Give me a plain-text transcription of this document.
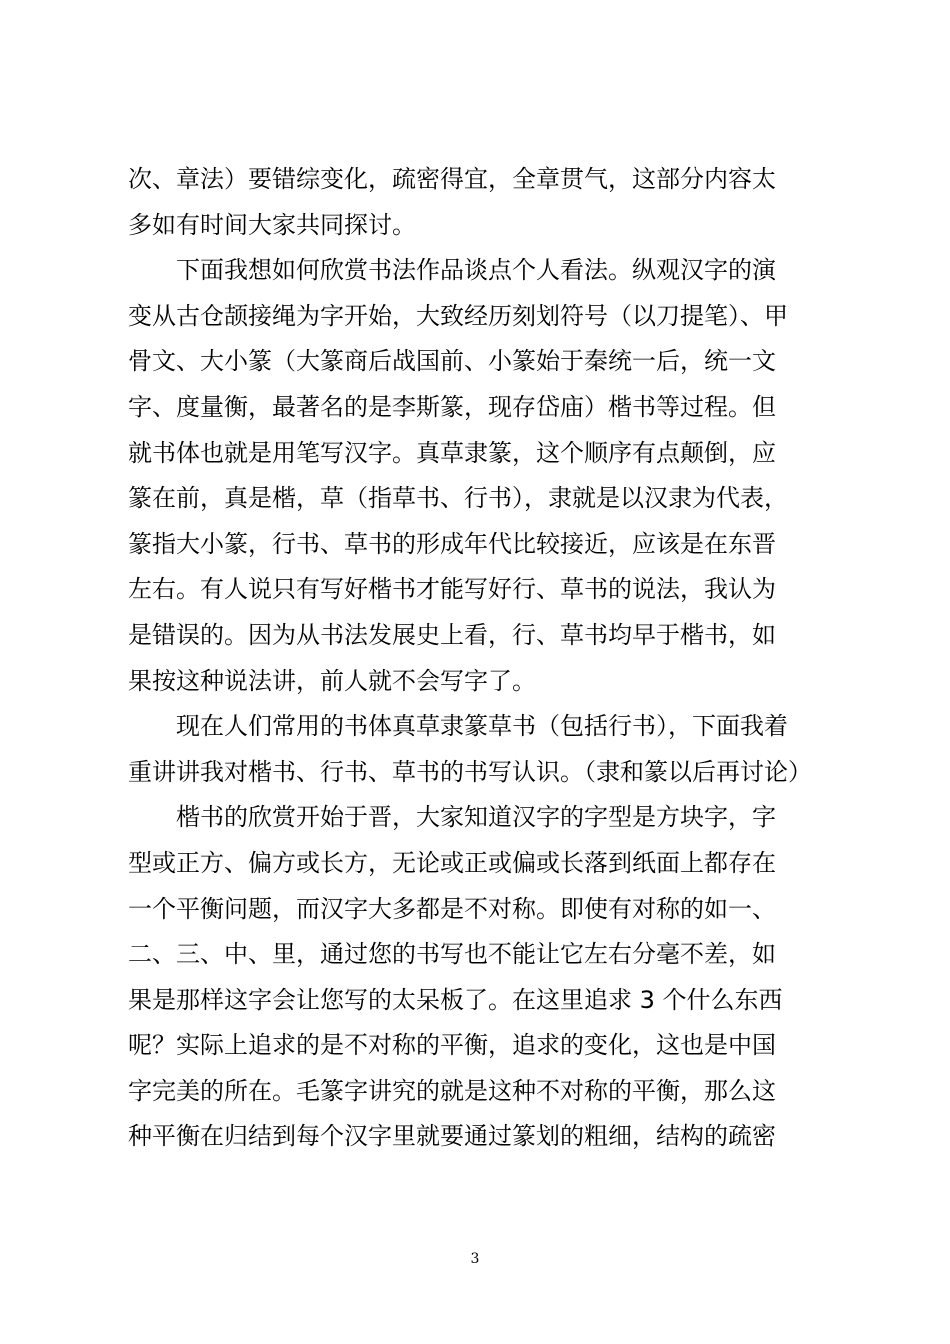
次、章法）要错综变化，疏密得宜，全章贯气，这部分内容太
多如有时间大家共同探讨。
　　下面我想如何欣赏书法作品谈点个人看法。纵观汉字的演
变从古仓颉接绳为字开始，大致经历刻划符号（以刀提笔）、甲
骨文、大小篆（大篆商后战国前、小篆始于秦统一后，统一文
字、度量衡，最著名的是李斯篆，现存岱庙）楷书等过程。但
就书体也就是用笔写汉字。真草隶篆，这个顺序有点颠倒，应
篆在前，真是楷，草（指草书、行书），隶就是以汉隶为代表，
篆指大小篆，行书、草书的形成年代比较接近，应该是在东晋
左右。有人说只有写好楷书才能写好行、草书的说法，我认为
是错误的。因为从书法发展史上看，行、草书均早于楷书，如
果按这种说法讲，前人就不会写字了。
　　现在人们常用的书体真草隶篆草书（包括行书），下面我着
重讲讲我对楷书、行书、草书的书写认识。（隶和篆以后再讨论）
　　楷书的欣赏开始于晋，大家知道汉字的字型是方块字，字
型或正方、偏方或长方，无论或正或偏或长落到纸面上都存在
一个平衡问题，而汉字大多都是不对称。即使有对称的如一、
二、三、中、里，通过您的书写也不能让它左右分毫不差，如
果是那样这字会让您写的太呆板了。在这里追求 3 个什么东西
呢？实际上追求的是不对称的平衡，追求的变化，这也是中国
字完美的所在。毛篆字讲究的就是这种不对称的平衡，那么这
种平衡在归结到每个汉字里就要通过篆划的粗细，结构的疏密
3
